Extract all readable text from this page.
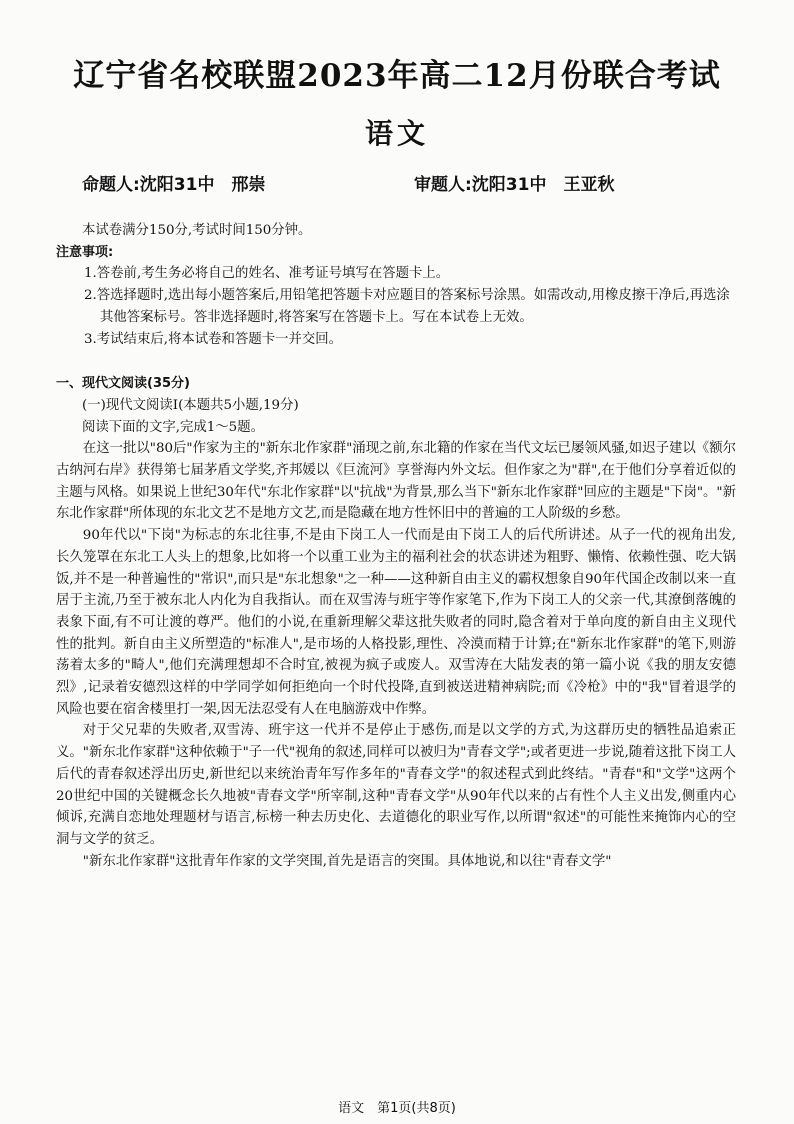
辽宁省名校联盟2023年高二12月份联合考试
语文
命题人:沈阳31中　邢崇	审题人:沈阳31中　王亚秋

本试卷满分150分,考试时间150分钟。

注意事项:

1.答卷前,考生务必将自己的姓名、准考证号填写在答题卡上。
2.答选择题时,选出每小题答案后,用铅笔把答题卡对应题目的答案标号涂黑。如需改动,用橡皮擦干净后,再选涂其他答案标号。答非选择题时,将答案写在答题卡上。写在本试卷上无效。
3.考试结束后,将本试卷和答题卡一并交回。

一、现代文阅读(35分)

(一)现代文阅读Ⅰ(本题共5小题,19分)

阅读下面的文字,完成1～5题。

在这一批以"80后"作家为主的"新东北作家群"涌现之前,东北籍的作家在当代文坛已屡领风骚,如迟子建以《额尔古纳河右岸》获得第七届茅盾文学奖,齐邦媛以《巨流河》享誉海内外文坛。但作家之为"群",在于他们分享着近似的主题与风格。如果说上世纪30年代"东北作家群"以"抗战"为背景,那么当下"新东北作家群"回应的主题是"下岗"。"新东北作家群"所体现的东北文艺不是地方文艺,而是隐藏在地方性怀旧中的普遍的工人阶级的乡愁。

90年代以"下岗"为标志的东北往事,不是由下岗工人一代而是由下岗工人的后代所讲述。从子一代的视角出发,长久笼罩在东北工人头上的想象,比如将一个以重工业为主的福利社会的状态讲述为粗野、懒惰、依赖性强、吃大锅饭,并不是一种普遍性的"常识",而只是"东北想象"之一种——这种新自由主义的霸权想象自90年代国企改制以来一直居于主流,乃至于被东北人内化为自我指认。而在双雪涛与班宇等作家笔下,作为下岗工人的父亲一代,其潦倒落魄的表象下面,有不可让渡的尊严。他们的小说,在重新理解父辈这批失败者的同时,隐含着对于单向度的新自由主义现代性的批判。新自由主义所塑造的"标准人",是市场的人格投影,理性、冷漠而精于计算;在"新东北作家群"的笔下,则游荡着太多的"畸人",他们充满理想却不合时宜,被视为疯子或废人。双雪涛在大陆发表的第一篇小说《我的朋友安德烈》,记录着安德烈这样的中学同学如何拒绝向一个时代投降,直到被送进精神病院;而《冷枪》中的"我"冒着退学的风险也要在宿舍楼里打一架,因无法忍受有人在电脑游戏中作弊。

对于父兄辈的失败者,双雪涛、班宇这一代并不是停止于感伤,而是以文学的方式,为这群历史的牺牲品追索正义。"新东北作家群"这种依赖于"子一代"视角的叙述,同样可以被归为"青春文学";或者更进一步说,随着这批下岗工人后代的青春叙述浮出历史,新世纪以来统治青年写作多年的"青春文学"的叙述程式到此终结。"青春"和"文学"这两个20世纪中国的关键概念长久地被"青春文学"所宰制,这种"青春文学"从90年代以来的占有性个人主义出发,侧重内心倾诉,充满自恋地处理题材与语言,标榜一种去历史化、去道德化的职业写作,以所谓"叙述"的可能性来掩饰内心的空洞与文学的贫乏。

"新东北作家群"这批青年作家的文学突围,首先是语言的突围。具体地说,和以往"青春文学"

语文　第1页(共8页)
